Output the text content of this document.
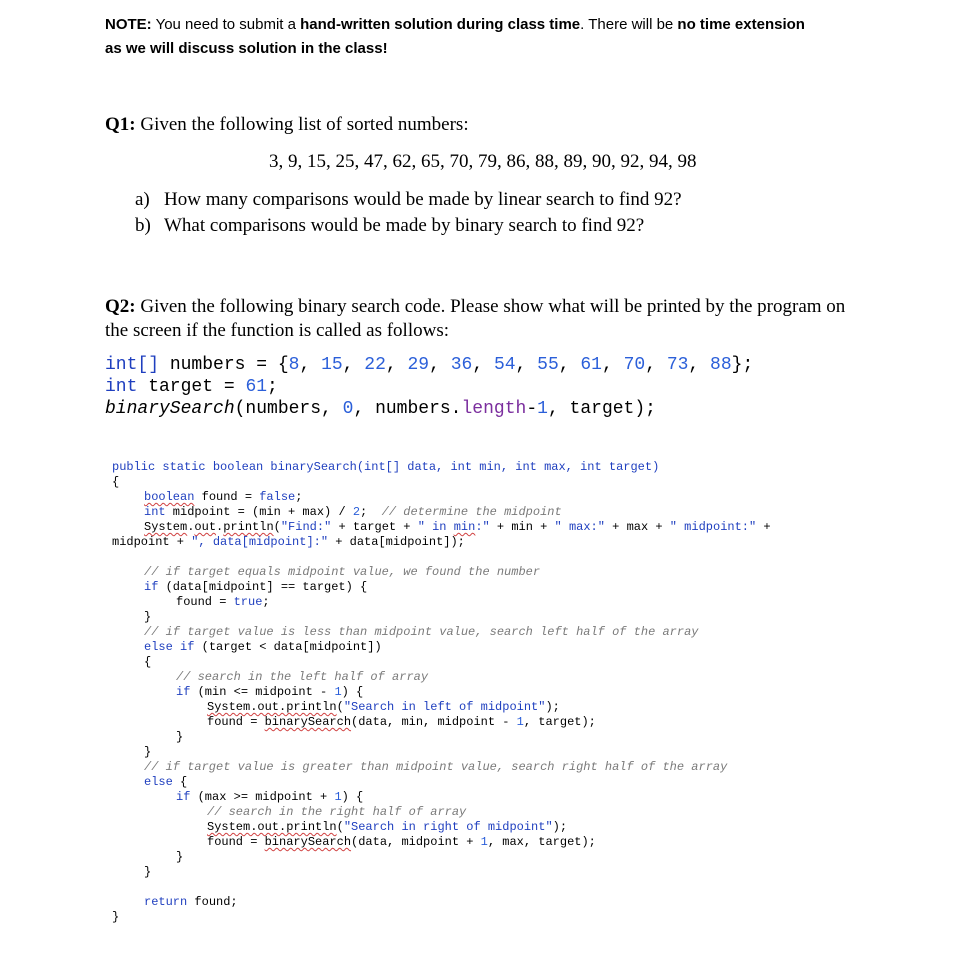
NOTE: You need to submit a hand-written solution during class time. There will be no time extension
as we will discuss solution in the class!
Q1: Given the following list of sorted numbers:
3, 9, 15, 25, 47, 62, 65, 70, 79, 86, 88, 89, 90, 92, 94, 98
a) How many comparisons would be made by linear search to find 92?
b) What comparisons would be made by binary search to find 92?
Q2: Given the following binary search code. Please show what will be printed by the program on
the screen if the function is called as follows:
int[] numbers = {8, 15, 22, 29, 36, 54, 55, 61, 70, 73, 88};
int target = 61;
binarySearch(numbers, 0, numbers.length-1, target);
public static boolean binarySearch(int[] data, int min, int max, int target)
{
boolean found = false;
int midpoint = (min + max) / 2;  // determine the midpoint
System.out.println("Find:" + target + " in min:" + min + " max:" + max + " midpoint:" +
midpoint + ", data[midpoint]:" + data[midpoint]);
// if target equals midpoint value, we found the number
if (data[midpoint] == target) {
found = true;
}
// if target value is less than midpoint value, search left half of the array
else if (target < data[midpoint])
{
// search in the left half of array
if (min <= midpoint - 1) {
System.out.println("Search in left of midpoint");
found = binarySearch(data, min, midpoint - 1, target);
}
}
// if target value is greater than midpoint value, search right half of the array
else {
if (max >= midpoint + 1) {
// search in the right half of array
System.out.println("Search in right of midpoint");
found = binarySearch(data, midpoint + 1, max, target);
}
}
return found;
}
